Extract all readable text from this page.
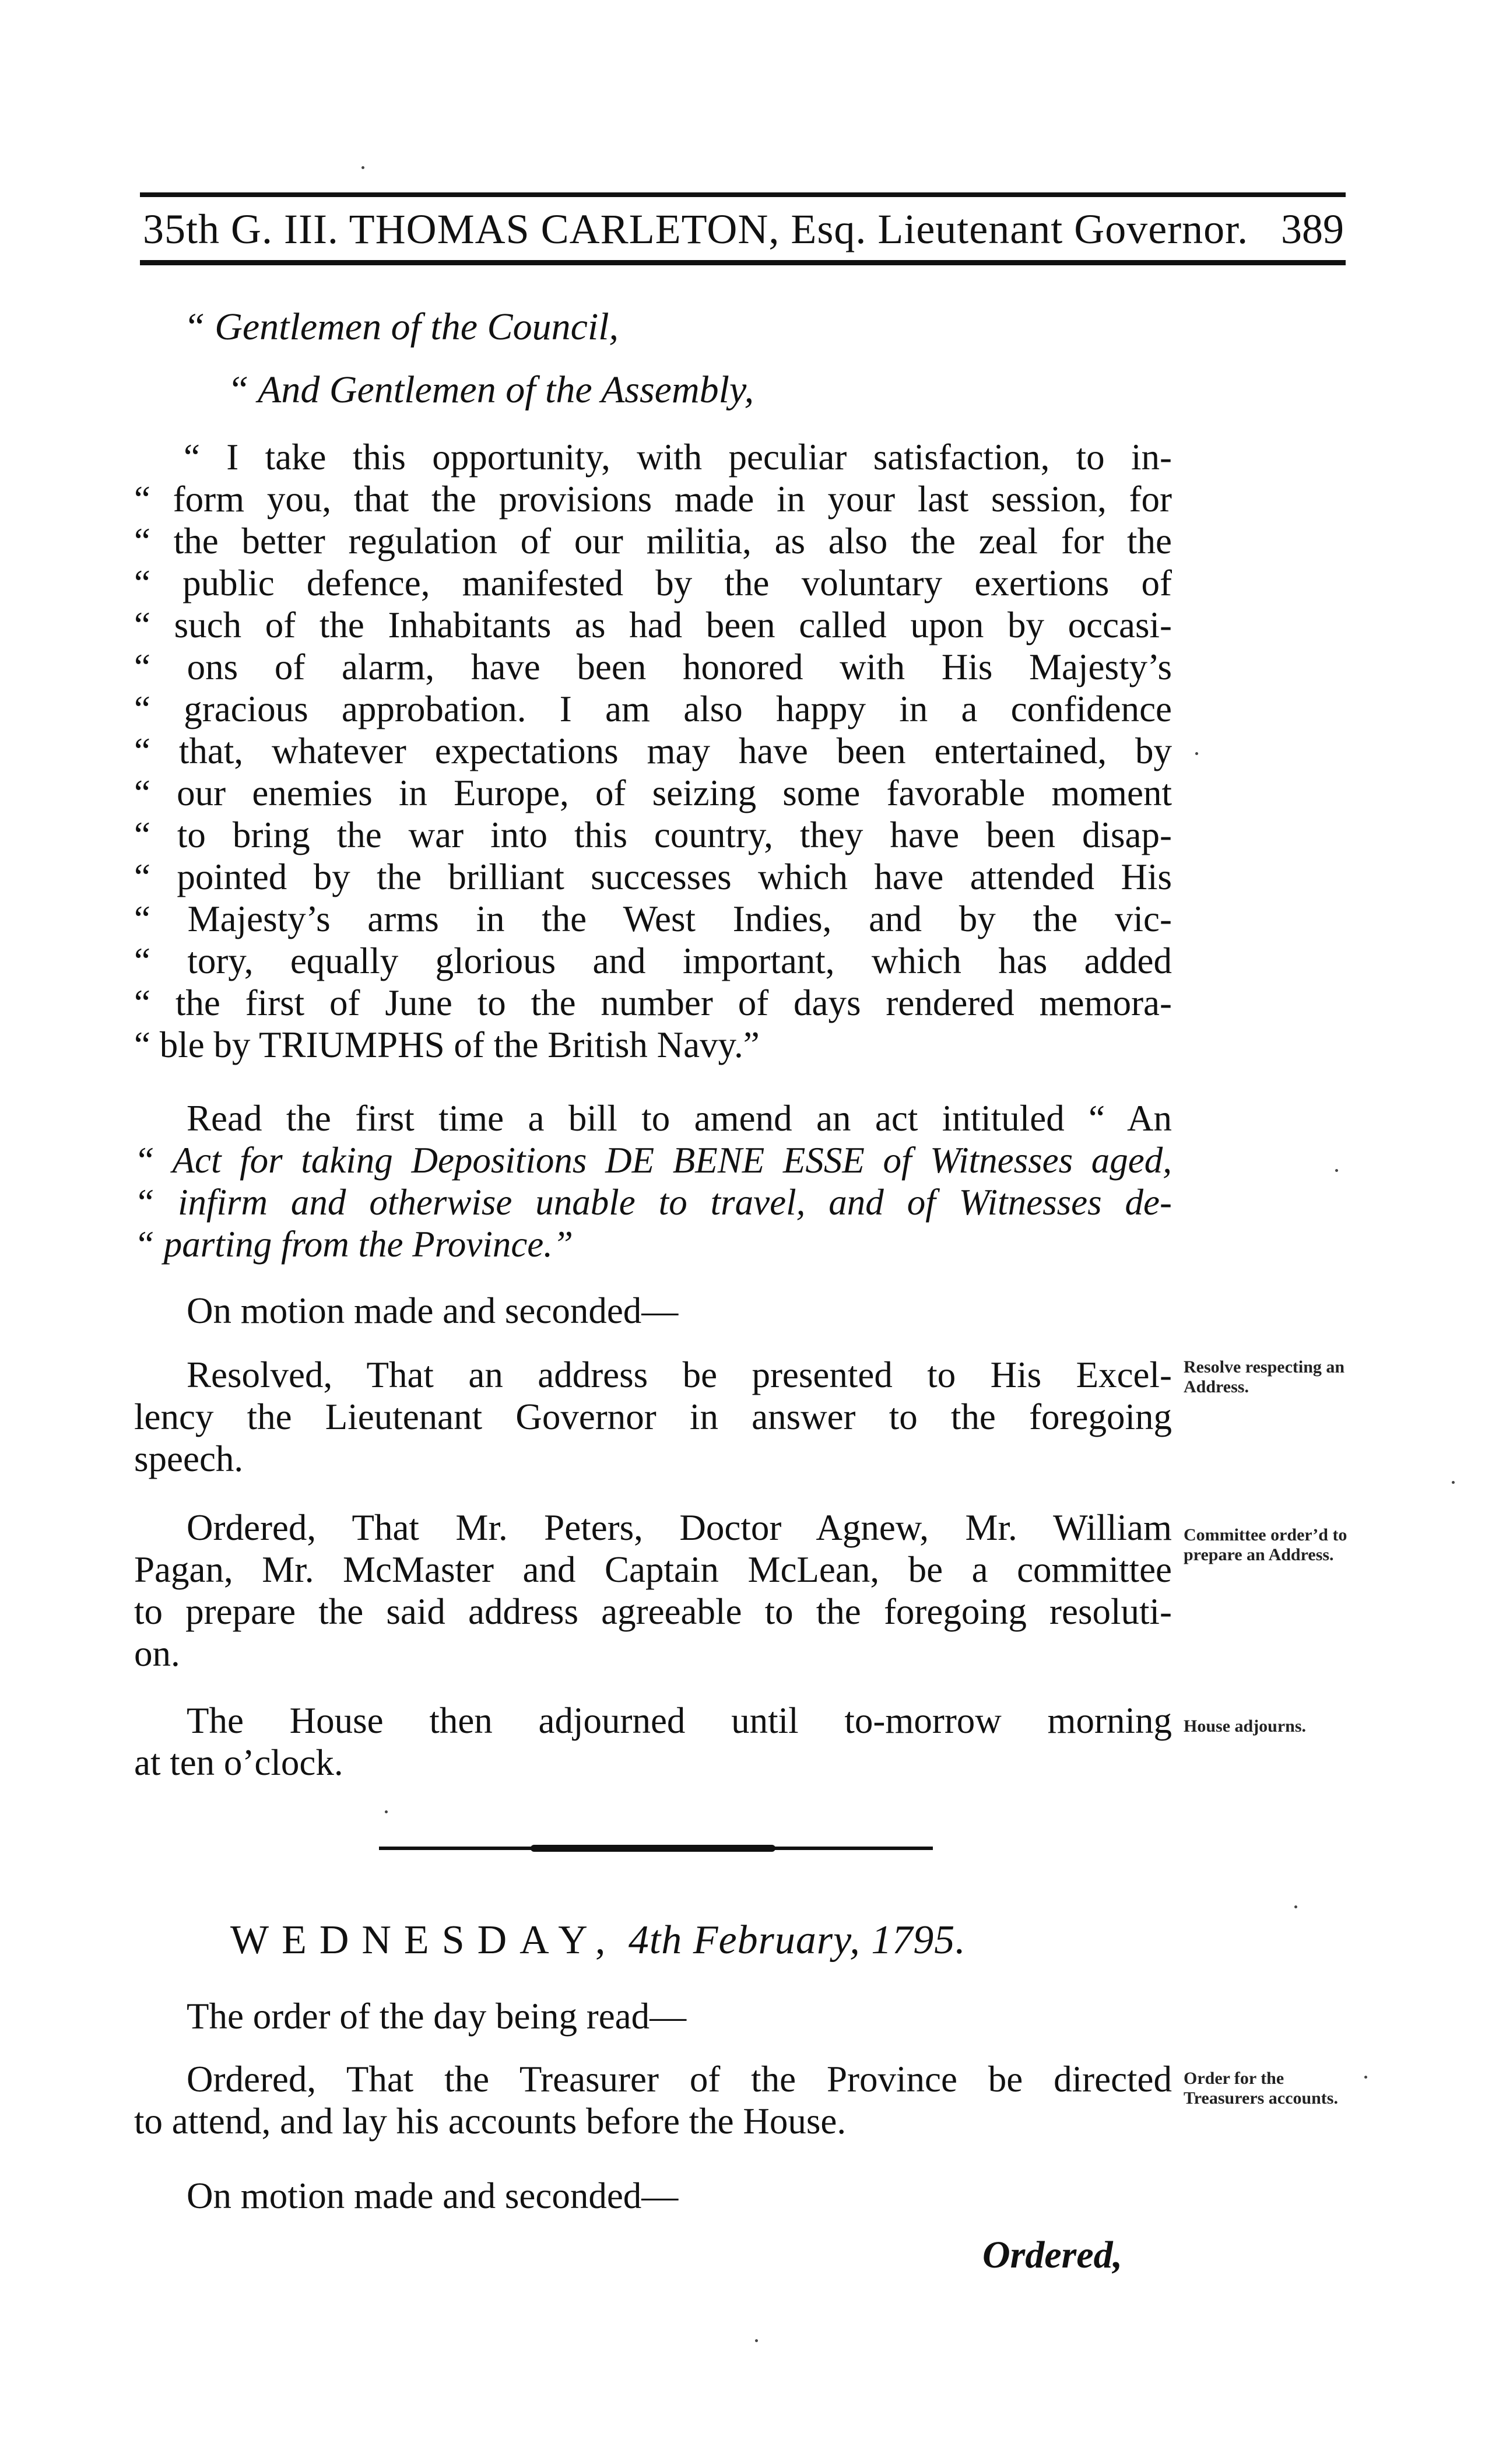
35th G. III. THOMAS CARLETON, Esq. Lieutenant Governor. 389
“ Gentlemen of the Council,
“ And Gentlemen of the Assembly,
“ I take this opportunity, with peculiar satisfaction, to in-
“ form you, that the provisions made in your last session, for
“ the better regulation of our militia, as also the zeal for the
“ public defence, manifested by the voluntary exertions of
“ such of the Inhabitants as had been called upon by occasi-
“ ons of alarm, have been honored with His Majesty’s
“ gracious approbation. I am also happy in a confidence
“ that, whatever expectations may have been entertained, by
“ our enemies in Europe, of seizing some favorable moment
“ to bring the war into this country, they have been disap-
“ pointed by the brilliant successes which have attended His
“ Majesty’s arms in the West Indies, and by the vic-
“ tory, equally glorious and important, which has added
“ the first of June to the number of days rendered memora-
“ ble by TRIUMPHS of the British Navy.”
Read the first time a bill to amend an act intituled “ An
“ Act for taking Depositions DE BENE ESSE of Witnesses aged,
“ infirm and otherwise unable to travel, and of Witnesses de-
“ parting from the Province.”
On motion made and seconded—
Resolved, That an address be presented to His Excel-
lency the Lieutenant Governor in answer to the foregoing
speech.
Resolve respecting an Address.
Ordered, That Mr. Peters, Doctor Agnew, Mr. William
Pagan, Mr. McMaster and Captain McLean, be a committee
to prepare the said address agreeable to the foregoing resoluti-
on.
Committee order’d to prepare an Address.
The House then adjourned until to-morrow morning
at ten o’clock.
House adjourns.
WEDNESDAY, 4th February, 1795.
The order of the day being read—
Ordered, That the Treasurer of the Province be directed
to attend, and lay his accounts before the House.
Order for the Treasurers accounts.
On motion made and seconded—
Ordered,
